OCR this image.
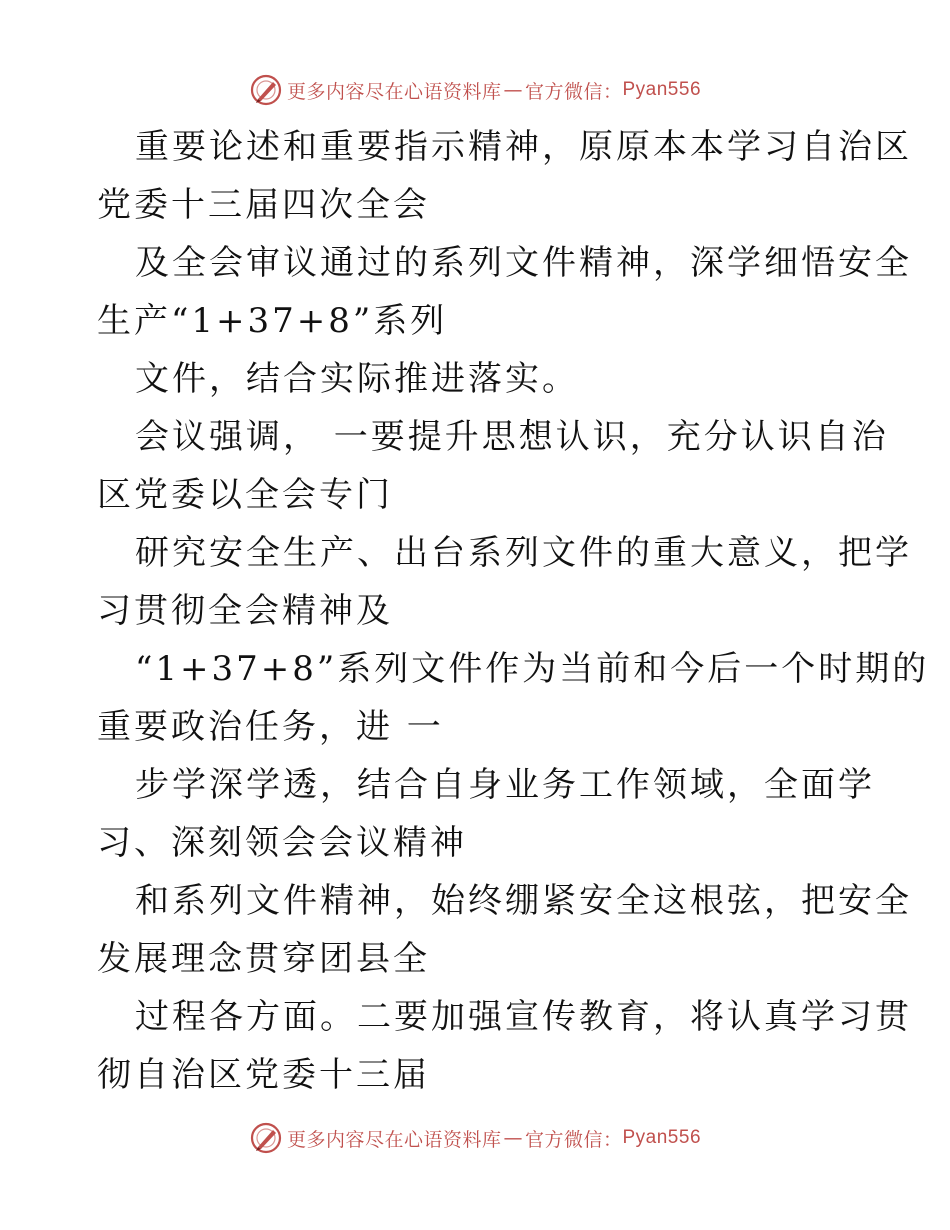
更多内容尽在心语资料库 — 官方微信： Pyan556
重要论述和重要指示精神，原原本本学习自治区
党委十三届四次全会
及全会审议通过的系列文件精神，深学细悟安全
生产“1+37+8”系列
文件，结合实际推进落实。
会议强调， 一要提升思想认识，充分认识自治
区党委以全会专门
研究安全生产、出台系列文件的重大意义，把学
习贯彻全会精神及
“1+37+8”系列文件作为当前和今后一个时期的
重要政治任务，进 一
步学深学透，结合自身业务工作领域，全面学
习、深刻领会会议精神
和系列文件精神，始终绷紧安全这根弦，把安全
发展理念贯穿团县全
过程各方面。二要加强宣传教育，将认真学习贯
彻自治区党委十三届
更多内容尽在心语资料库 — 官方微信： Pyan556
